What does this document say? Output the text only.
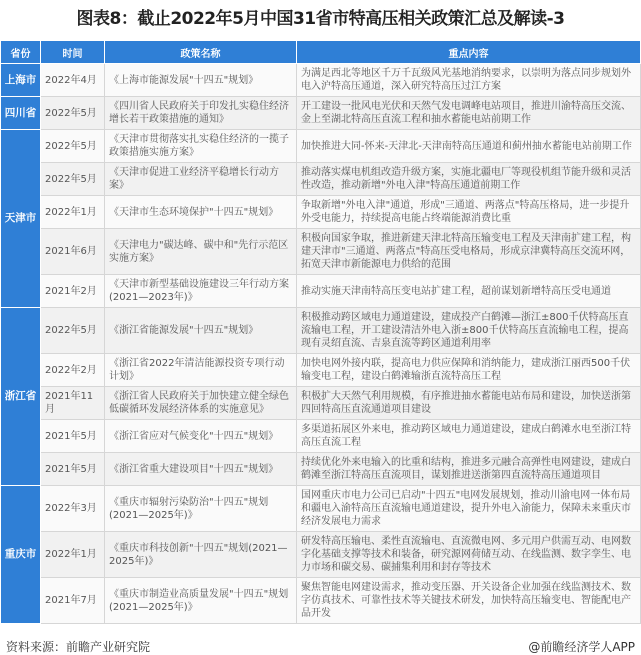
图表8：截止2022年5月中国31省市特高压相关政策汇总及解读-3
省份	时间	政策名称	重点内容
上海市	2022年4月	《上海市能源发展"十四五"规划》	为满足西北等地区千万千瓦级风光基地消纳要求，以崇明为落点同步规划外电入沪特高压通道，深入研究特高压过江方案
四川省	2022年5月	《四川省人民政府关于印发扎实稳住经济增长若干政策措施的通知》	开工建设一批风电光伏和天然气发电调峰电站项目，推进川渝特高压交流、金上至湖北特高压直流工程和抽水蓄能电站前期工作
天津市	2022年5月	《天津市贯彻落实扎实稳住经济的一揽子政策措施实施方案》	加快推进大同-怀来-天津北-天津南特高压通道和蓟州抽水蓄能电站前期工作
	2022年5月	《天津市促进工业经济平稳增长行动方案》	推动落实煤电机组改造升级方案，实施北疆电厂等现役机组节能升级和灵活性改造，推动新增"外电入津"特高压通道前期工作
	2022年1月	《天津市生态环境保护"十四五"规划》	争取新增"外电入津"通道，形成"三通道、两落点"特高压格局，进一步提升外受电能力，持续提高电能占终端能源消费比重
	2021年6月	《天津电力"碳达峰、碳中和"先行示范区实施方案》	积极向国家争取，推进新建天津北特高压输变电工程及天津南扩建工程，构建天津市"三通道、两落点"特高压受电格局，形成京津冀特高压交流环网，拓宽天津市新能源电力供给的范围
	2021年2月	《天津市新型基础设施建设三年行动方案(2021—2023年)》	推动实施天津南特高压变电站扩建工程，超前谋划新增特高压受电通道
浙江省	2022年5月	《浙江省能源发展"十四五"规划》	积极推动跨区域电力通道建设，建成投产白鹤滩—浙江±800千伏特高压直流输电工程，开工建设清洁外电入浙±800千伏特高压直流输电工程，提高现有灵绍直流、吉泉直流等跨区通道利用率
	2022年2月	《浙江省2022年清洁能源投资专项行动计划》	加快电网外接内联，提高电力供应保障和消纳能力，建成浙江丽西500千伏输变电工程，建设白鹤滩输浙直流特高压工程
	2021年11月	《浙江省人民政府关于加快建立健全绿色低碳循环发展经济体系的实施意见》	积极扩大天然气利用规模，有序推进抽水蓄能电站布局和建设，加快送浙第四回特高压直流通道项目建设
	2021年5月	《浙江省应对气候变化"十四五"规划》	多渠道拓展区外来电，推动跨区域电力通道建设，建成白鹤滩水电至浙江特高压直流工程
	2021年5月	《浙江省重大建设项目"十四五"规划》	持续优化外来电输入的比重和结构，推进多元融合高弹性电网建设，建成白鹤滩至浙江特高压直流项目，谋划推进送浙第四直流特高压通道项目
重庆市	2022年3月	《重庆市辐射污染防治"十四五"规划(2021—2025年)》	国网重庆市电力公司已启动"十四五"电网发展规划，推动川渝电网一体布局和疆电入渝特高压直流输电通道建设，提升外电入渝能力，保障未来重庆市经济发展电力需求
	2022年1月	《重庆市科技创新"十四五"规划(2021—2025年)》	研发特高压输电、柔性直流输电、直流微电网、多元用户供需互动、电网数字化基础支撑等技术和装备，研究源网荷储互动、在线监测、数字孪生、电力市场和碳交易、碳捕集利用和封存等技术
	2021年7月	《重庆市制造业高质量发展"十四五"规划(2021—2025年)》	聚焦智能电网建设需求，推动变压器、开关设备企业加强在线监测技术、数字仿真技术、可靠性技术等关键技术研发，加快特高压输变电、智能配电产品开发
资料来源：前瞻产业研究院	@前瞻经济学人APP
